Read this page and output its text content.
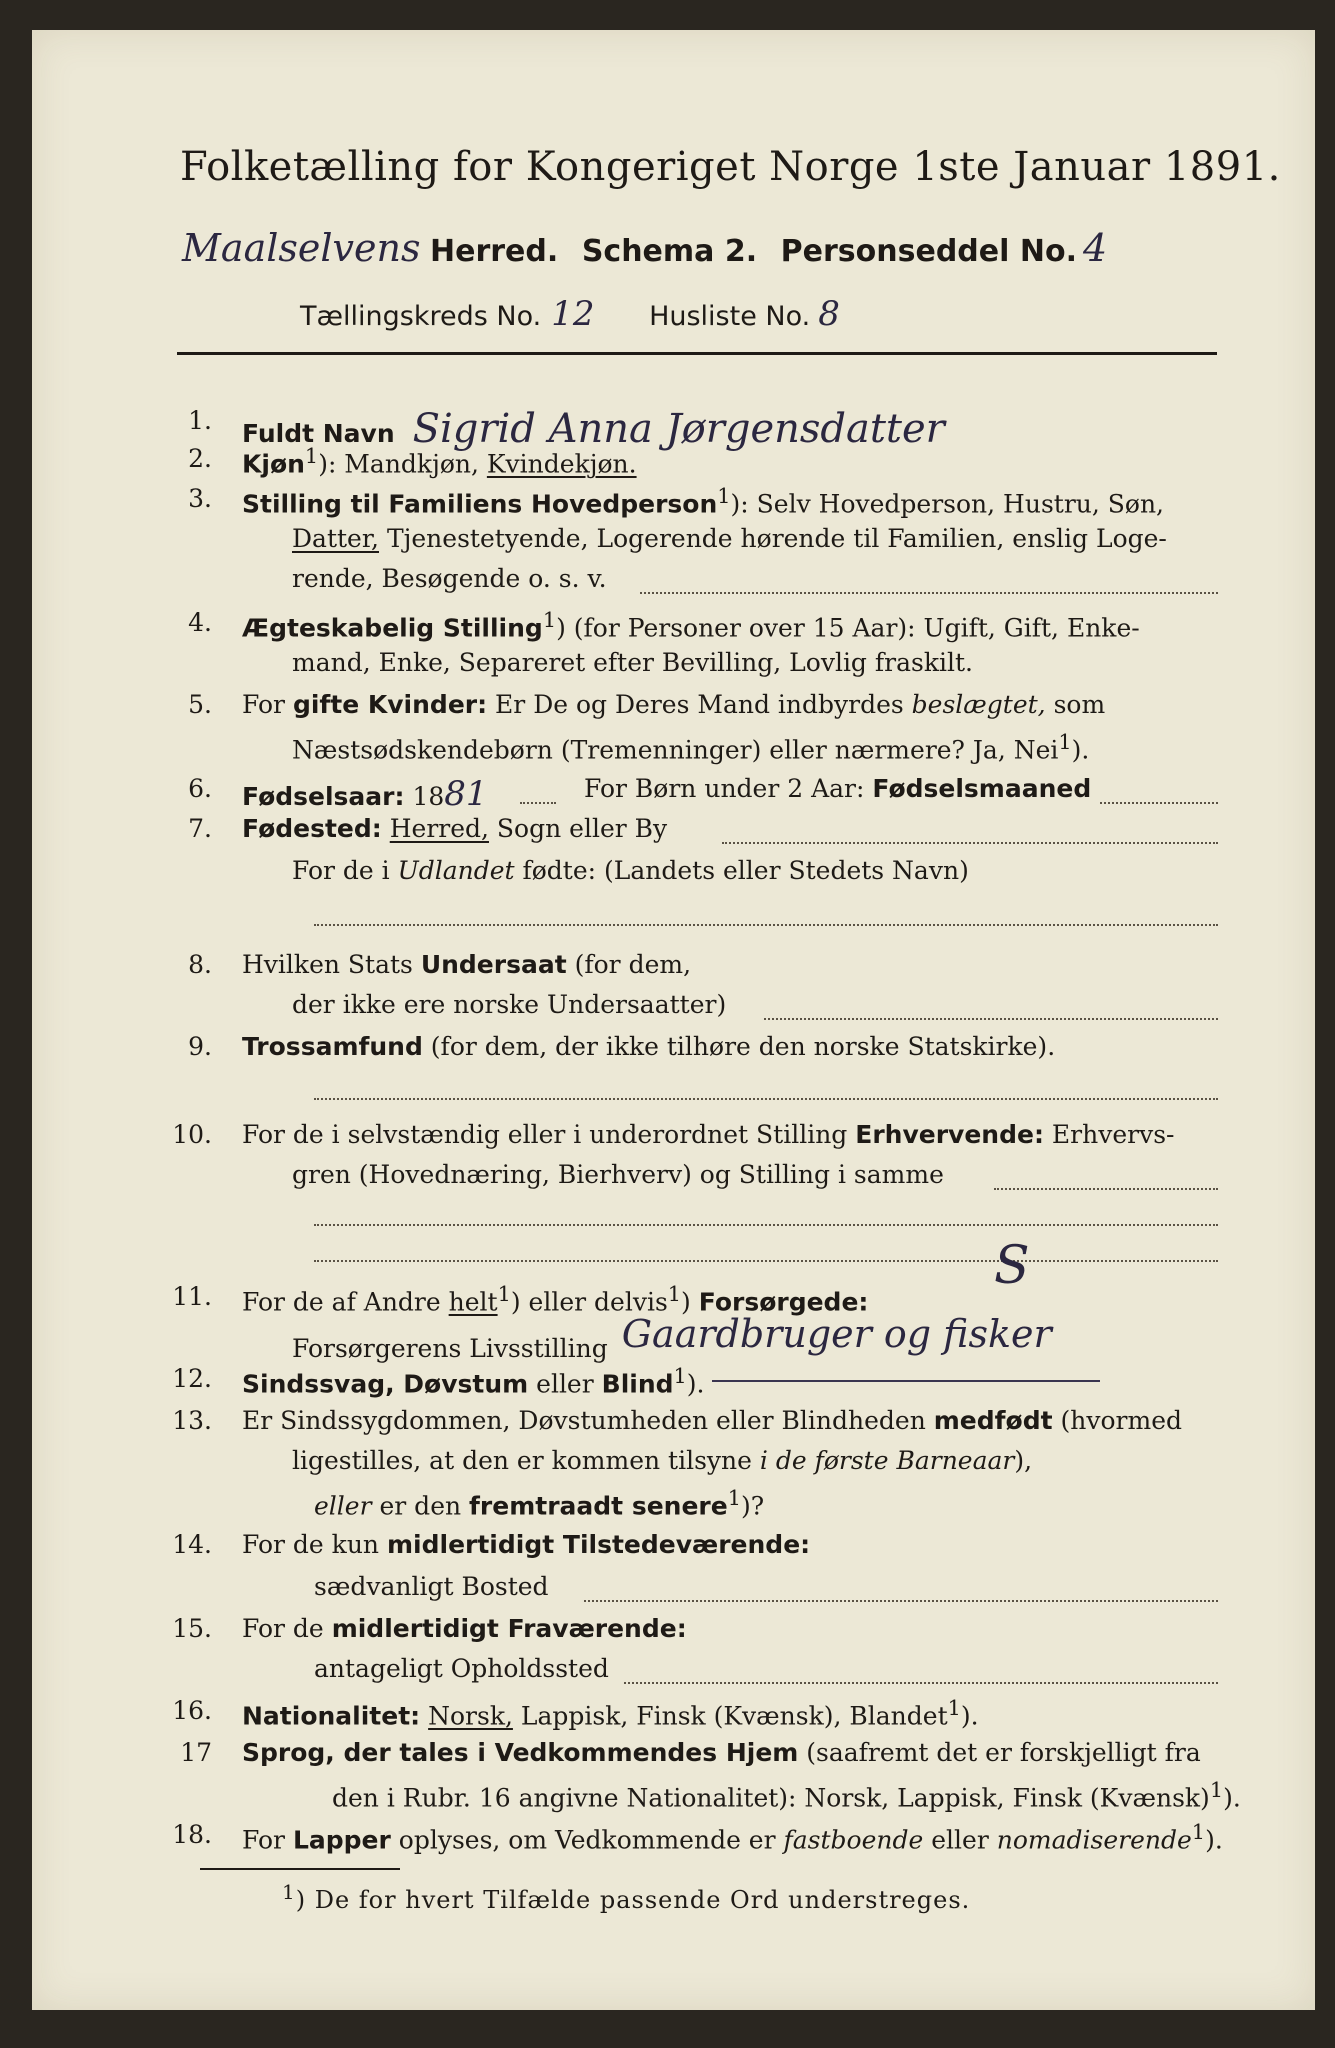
Folketælling for Kongeriget Norge 1ste Januar 1891.
Maalselvens Herred. Schema 2. Personseddel No. 4
Tællingskreds No. 12 Husliste No. 8
1. Fuldt Navn Sigrid Anna Jørgensdatter
2. Kjøn$^1$): Mandkjøn, Kvindekjøn.
3. Stilling til Familiens Hovedperson$^1$): Selv Hovedperson, Hustru, Søn,
Datter, Tjenestetyende, Logerende hørende til Familien, enslig Loge-
rende, Besøgende o. s. v.
4. Ægteskabelig Stilling$^1$) (for Personer over 15 Aar): Ugift, Gift, Enke-
mand, Enke, Separeret efter Bevilling, Lovlig fraskilt.
5. For gifte Kvinder: Er De og Deres Mand indbyrdes beslægtet, som
Næstsødskendebørn (Tremenninger) eller nærmere? Ja, Nei$^1$).
6. Fødselsaar: 1881	For Børn under 2 Aar: Fødselsmaaned
7. Fødested: Herred, Sogn eller By
For de i Udlandet fødte: (Landets eller Stedets Navn)
8. Hvilken Stats Undersaat (for dem,
der ikke ere norske Undersaatter)
9. Trossamfund (for dem, der ikke tilhøre den norske Statskirke).
10. For de i selvstændig eller i underordnet Stilling Erhvervende: Erhvervs-
gren (Hovednæring, Bierhverv) og Stilling i samme
11. For de af Andre helt$^1$) eller delvis$^1$) Forsørgede:
S
Forsørgerens Livsstilling Gaardbruger og fisker
12. Sindssvag, Døvstum eller Blind$^1$).
13. Er Sindssygdommen, Døvstumheden eller Blindheden medfødt (hvormed
ligestilles, at den er kommen tilsyne i de første Barneaar),
eller er den fremtraadt senere$^1$)?
14. For de kun midlertidigt Tilstedeværende:
sædvanligt Bosted
15. For de midlertidigt Fraværende:
antageligt Opholdssted
16. Nationalitet: Norsk, Lappisk, Finsk (Kvænsk), Blandet$^1$).
17 Sprog, der tales i Vedkommendes Hjem (saafremt det er forskjelligt fra
den i Rubr. 16 angivne Nationalitet): Norsk, Lappisk, Finsk (Kvænsk)$^1$).
18. For Lapper oplyses, om Vedkommende er fastboende eller nomadiserende$^1$).
$^1$) De for hvert Tilfælde passende Ord understreges.
